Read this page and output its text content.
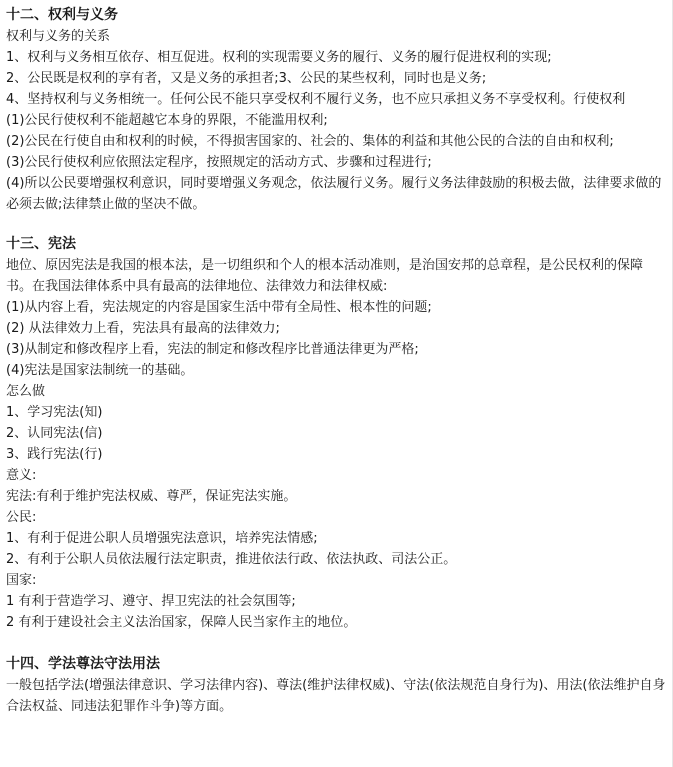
十二、权利与义务

权利与义务的关系

1、权利与义务相互依存、相互促进。权利的实现需要义务的履行、义务的履行促进权利的实现;

2、公民既是权利的享有者，又是义务的承担者;3、公民的某些权利，同时也是义务;

4、坚持权利与义务相统一。任何公民不能只享受权利不履行义务，也不应只承担义务不享受权利。行使权利

(1)公民行使权利不能超越它本身的界限，不能滥用权利;

(2)公民在行使自由和权利的时候，不得损害国家的、社会的、集体的利益和其他公民的合法的自由和权利;

(3)公民行使权利应依照法定程序，按照规定的活动方式、步骤和过程进行;

(4)所以公民要增强权利意识，同时要增强义务观念，依法履行义务。履行义务法律鼓励的积极去做，法律要求做的必须去做;法律禁止做的坚决不做。

十三、宪法

地位、原因宪法是我国的根本法，是一切组织和个人的根本活动准则，是治国安邦的总章程，是公民权利的保障书。在我国法律体系中具有最高的法律地位、法律效力和法律权威:

(1)从内容上看，宪法规定的内容是国家生活中带有全局性、根本性的问题;

(2) 从法律效力上看，宪法具有最高的法律效力;

(3)从制定和修改程序上看，宪法的制定和修改程序比普通法律更为严格;

(4)宪法是国家法制统一的基础。

怎么做

1、学习宪法(知)

2、认同宪法(信)

3、践行宪法(行)

意义:

宪法:有利于维护宪法权威、尊严，保证宪法实施。

公民:

1、有利于促进公职人员增强宪法意识，培养宪法情感;

2、有利于公职人员依法履行法定职责，推进依法行政、依法执政、司法公正。

国家:

1 有利于营造学习、遵守、捍卫宪法的社会氛围等;

2 有利于建设社会主义法治国家，保障人民当家作主的地位。

十四、学法尊法守法用法

一般包括学法(增强法律意识、学习法律内容)、尊法(维护法律权威)、守法(依法规范自身行为)、用法(依法维护自身合法权益、同违法犯罪作斗争)等方面。
